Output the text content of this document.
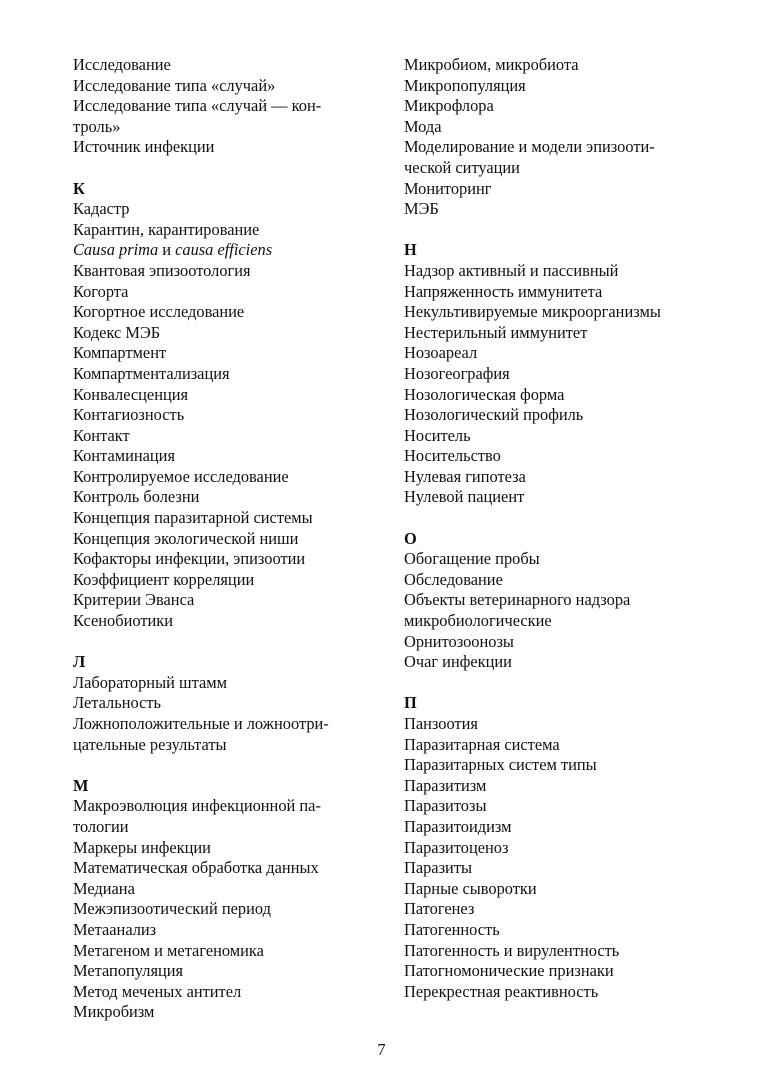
Исследование
Исследование типа «случай»
Исследование типа «случай — кон-
троль»
Источник инфекции
К
Кадастр
Карантин, карантирование
Causa prima и causa efficiens
Квантовая эпизоотология
Когорта
Когортное исследование
Кодекс МЭБ
Компартмент
Компартментализация
Конвалесценция
Контагиозность
Контакт
Контаминация
Контролируемое исследование
Контроль болезни
Концепция паразитарной системы
Концепция экологической ниши
Кофакторы инфекции, эпизоотии
Коэффициент корреляции
Критерии Эванса
Ксенобиотики
Л
Лабораторный штамм
Летальность
Ложноположительные и ложноотри-
цательные результаты
М
Макроэволюция инфекционной па-
тологии
Маркеры инфекции
Математическая обработка данных
Медиана
Межэпизоотический период
Метаанализ
Метагеном и метагеномика
Метапопуляция
Метод меченых антител
Микробизм
Микробиом, микробиота
Микропопуляция
Микрофлора
Мода
Моделирование и модели эпизооти-
ческой ситуации
Мониторинг
МЭБ
Н
Надзор активный и пассивный
Напряженность иммунитета
Некультивируемые микроорганизмы
Нестерильный иммунитет
Нозоареал
Нозогеография
Нозологическая форма
Нозологический профиль
Носитель
Носительство
Нулевая гипотеза
Нулевой пациент
О
Обогащение пробы
Обследование
Объекты ветеринарного надзора
микробиологические
Орнитозоонозы
Очаг инфекции
П
Панзоотия
Паразитарная система
Паразитарных систем типы
Паразитизм
Паразитозы
Паразитоидизм
Паразитоценоз
Паразиты
Парные сыворотки
Патогенез
Патогенность
Патогенность и вирулентность
Патогномонические признаки
Перекрестная реактивность
7
